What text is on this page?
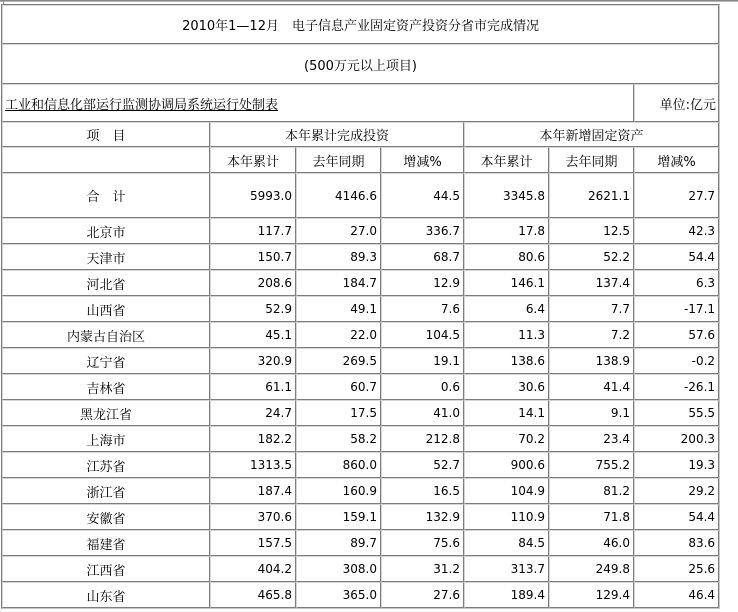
2010年1—12月　电子信息产业固定资产投资分省市完成情况						
(500万元以上项目)						
工业和信息化部运行监测协调局系统运行处制表						单位:亿元
项　目	本年累计完成投资			本年新增固定资产		
	本年累计	去年同期	增减%	本年累计	去年同期	增减%
合　计	5993.0	4146.6	44.5	3345.8	2621.1	27.7
北京市	117.7	27.0	336.7	17.8	12.5	42.3
天津市	150.7	89.3	68.7	80.6	52.2	54.4
河北省	208.6	184.7	12.9	146.1	137.4	6.3
山西省	52.9	49.1	7.6	6.4	7.7	-17.1
内蒙古自治区	45.1	22.0	104.5	11.3	7.2	57.6
辽宁省	320.9	269.5	19.1	138.6	138.9	-0.2
吉林省	61.1	60.7	0.6	30.6	41.4	-26.1
黑龙江省	24.7	17.5	41.0	14.1	9.1	55.5
上海市	182.2	58.2	212.8	70.2	23.4	200.3
江苏省	1313.5	860.0	52.7	900.6	755.2	19.3
浙江省	187.4	160.9	16.5	104.9	81.2	29.2
安徽省	370.6	159.1	132.9	110.9	71.8	54.4
福建省	157.5	89.7	75.6	84.5	46.0	83.6
江西省	404.2	308.0	31.2	313.7	249.8	25.6
山东省	465.8	365.0	27.6	189.4	129.4	46.4
